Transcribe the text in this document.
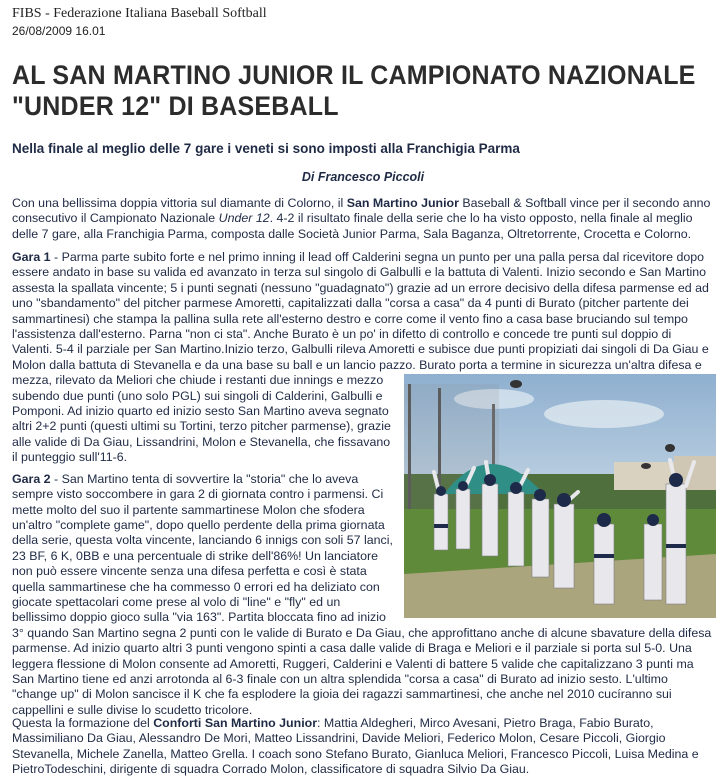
FIBS - Federazione Italiana Baseball Softball
26/08/2009 16.01
AL SAN MARTINO JUNIOR IL CAMPIONATO NAZIONALE
"UNDER 12" DI BASEBALL
Nella finale al meglio delle 7 gare i veneti si sono imposti alla Franchigia Parma
Di Francesco Piccoli

Con una bellissima doppia vittoria sul diamante di Colorno, il San Martino Junior Baseball & Softball vince per il secondo anno consecutivo il Campionato Nazionale Under 12. 4-2 il risultato finale della serie che lo ha visto opposto, nella finale al meglio delle 7 gare, alla Franchigia Parma, composta dalle Società Junior Parma, Sala Baganza, Oltretorrente, Crocetta e Colorno.

Gara 1 - Parma parte subito forte e nel primo inning il lead off Calderini segna un punto per una palla persa dal ricevitore dopo essere andato in base su valida ed avanzato in terza sul singolo di Galbulli e la battuta di Valenti. Inizio secondo e San Martino assesta la spallata vincente; 5 i punti segnati (nessuno "guadagnato") grazie ad un errore decisivo della difesa parmense ed ad uno "sbandamento" del pitcher parmese Amoretti, capitalizzati dalla "corsa a casa" da 4 punti di Burato (pitcher partente dei sammartinesi) che stampa la pallina sulla rete all'esterno destro e corre come il vento fino a casa base bruciando sul tempo l'assistenza dall'esterno. Parna "non ci sta". Anche Burato è un po' in difetto di controllo e concede tre punti sul doppio di Valenti. 5-4 il parziale per San Martino.Inizio terzo, Galbulli rileva Amoretti e subisce due punti propiziati dai singoli di Da Giau e Molon dalla battuta di Stevanella e da una base su ball e un lancio pazzo. Burato porta a termine in sicurezza un'altra difesa e mezza, rilevato da Meliori che chiude i restanti due innings e mezzo subendo due punti (uno solo PGL) sui singoli di Calderini, Galbulli e Pomponi. Ad inizio quarto ed inizio sesto San Martino aveva segnato altri 2+2 punti (questi ultimi su Tortini, terzo pitcher parmense), grazie alle valide di Da Giau, Lissandrini, Molon e Stevanella, che fissavano il punteggio sull'11-6.

Gara 2 - San Martino tenta di sovvertire la "storia" che lo aveva sempre visto soccombere in gara 2 di giornata contro i parmensi. Ci mette molto del suo il partente sammartinese Molon che sfodera un'altro "complete game", dopo quello perdente della prima giornata della serie, questa volta vincente, lanciando 6 innigs con soli 57 lanci, 23 BF, 6 K, 0BB e una percentuale di strike dell'86%! Un lanciatore non può essere vincente senza una difesa perfetta e così è stata quella sammartinese che ha commesso 0 errori ed ha deliziato con giocate spettacolari come prese al volo di "line" e "fly" ed un bellissimo doppio gioco sulla "via 163". Partita bloccata fino ad inizio 3° quando San Martino segna 2 punti con le valide di Burato e Da Giau, che approfittano anche di alcune sbavature della difesa parmense. Ad inizio quarto altri 3 punti vengono spinti a casa dalle valide di Braga e Meliori e il parziale si porta sul 5-0. Una leggera flessione di Molon consente ad Amoretti, Ruggeri, Calderini e Valenti di battere 5 valide che capitalizzano 3 punti ma San Martino tiene ed anzi arrotonda al 6-3 finale con un altra splendida "corsa a casa" di Burato ad inizio sesto. L'ultimo "change up" di Molon sancisce il K che fa esplodere la gioia dei ragazzi sammartinesi, che anche nel 2010 cucíranno sui cappellini e sulle divise lo scudetto tricolore.

Questa la formazione del Conforti San Martino Junior: Mattia Aldegheri, Mirco Avesani, Pietro Braga, Fabio Burato, Massimiliano Da Giau, Alessandro De Mori, Matteo Lissandrini, Davide Meliori, Federico Molon, Cesare Piccoli, Giorgio Stevanella, Michele Zanella, Matteo Grella. I coach sono Stefano Burato, Gianluca Meliori, Francesco Piccoli, Luisa Medina e PietroTodeschini, dirigente di squadra Corrado Molon, classificatore di squadra Silvio Da Giau.
